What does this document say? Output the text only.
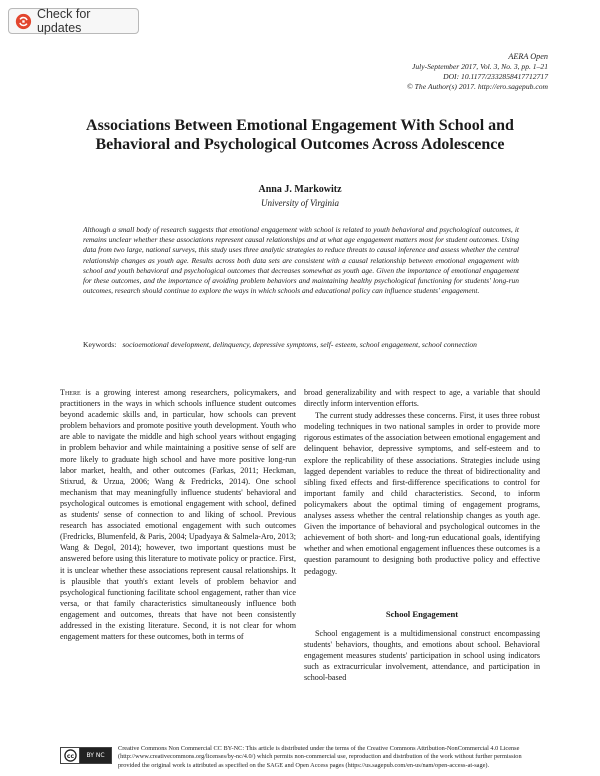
Check for updates
AERA Open
July-September 2017, Vol. 3, No. 3, pp. 1–21
DOI: 10.1177/2332858417712717
© The Author(s) 2017. http://ero.sagepub.com
Associations Between Emotional Engagement With School and Behavioral and Psychological Outcomes Across Adolescence
Anna J. Markowitz
University of Virginia
Although a small body of research suggests that emotional engagement with school is related to youth behavioral and psychological outcomes, it remains unclear whether these associations represent causal relationships and at what age engagement matters most for student outcomes. Using data from two large, national surveys, this study uses three analytic strategies to reduce threats to causal inference and assess whether the central relationship changes as youth age. Results across both data sets are consistent with a causal relationship between emotional engagement with school and youth behavioral and psychological outcomes that decreases somewhat as youth age. Given the importance of emotional engagement for these outcomes, and the importance of avoiding problem behaviors and maintaining healthy psychological functioning for students' long-run outcomes, research should continue to explore the ways in which schools and educational policy can influence students' engagement.
Keywords: socioemotional development, delinquency, depressive symptoms, self- esteem, school engagement, school connection

There is a growing interest among researchers, policymakers, and practitioners in the ways in which schools influence student outcomes beyond academic skills and, in particular, how schools can prevent problem behaviors and promote positive youth development. Youth who are able to navigate the middle and high school years without engaging in problem behavior and while maintaining a positive sense of self are more likely to graduate high school and have more positive long-run labor market, health, and other outcomes (Farkas, 2011; Heckman, Stixrud, & Urzua, 2006; Wang & Fredricks, 2014). One school mechanism that may meaningfully influence students' behavioral and psychological outcomes is emotional engagement with school, defined as students' sense of connection to and liking of school. Previous research has associated emotional engagement with such outcomes (Fredricks, Blumenfeld, & Paris, 2004; Upadyaya & Salmela-Aro, 2013; Wang & Degol, 2014); however, two important questions must be answered before using this literature to motivate policy or practice. First, it is unclear whether these associations represent causal relationships. It is plausible that youth's extant levels of problem behavior and psychological functioning facilitate school engagement, rather than vice versa, or that family characteristics simultaneously influence both engagement and outcomes, threats that have not been consistently addressed in the existing literature. Second, it is not clear for whom engagement matters for these outcomes, both in terms of

broad generalizability and with respect to age, a variable that should directly inform intervention efforts.

The current study addresses these concerns. First, it uses three robust modeling techniques in two national samples in order to provide more rigorous estimates of the association between emotional engagement and delinquent behavior, depressive symptoms, and self-esteem and to explore the replicability of these associations. Strategies include using lagged dependent variables to reduce the threat of bidirectionality and sibling fixed effects and first-difference specifications to control for important family and child characteristics. Second, to inform policymakers about the optimal timing of engagement programs, analyses assess whether the central relationship changes as youth age. Given the importance of behavioral and psychological outcomes in the achievement of both short- and long-run educational goals, identifying whether and when emotional engagement influences these outcomes is a question paramount to designing both productive policy and effective pedagogy.

School Engagement

School engagement is a multidimensional construct encompassing students' behaviors, thoughts, and emotions about school. Behavioral engagement measures students' participation in school using indicators such as extracurricular involvement, attendance, and participation in school-based

cc	BY NC
Creative Commons Non Commercial CC BY-NC: This article is distributed under the terms of the Creative Commons Attribution-NonCommercial 4.0 License (http://www.creativecommons.org/licenses/by-nc/4.0/) which permits non-commercial use, reproduction and distribution of the work without further permission provided the original work is attributed as specified on the SAGE and Open Access pages (https://us.sagepub.com/en-us/nam/open-access-at-sage).
